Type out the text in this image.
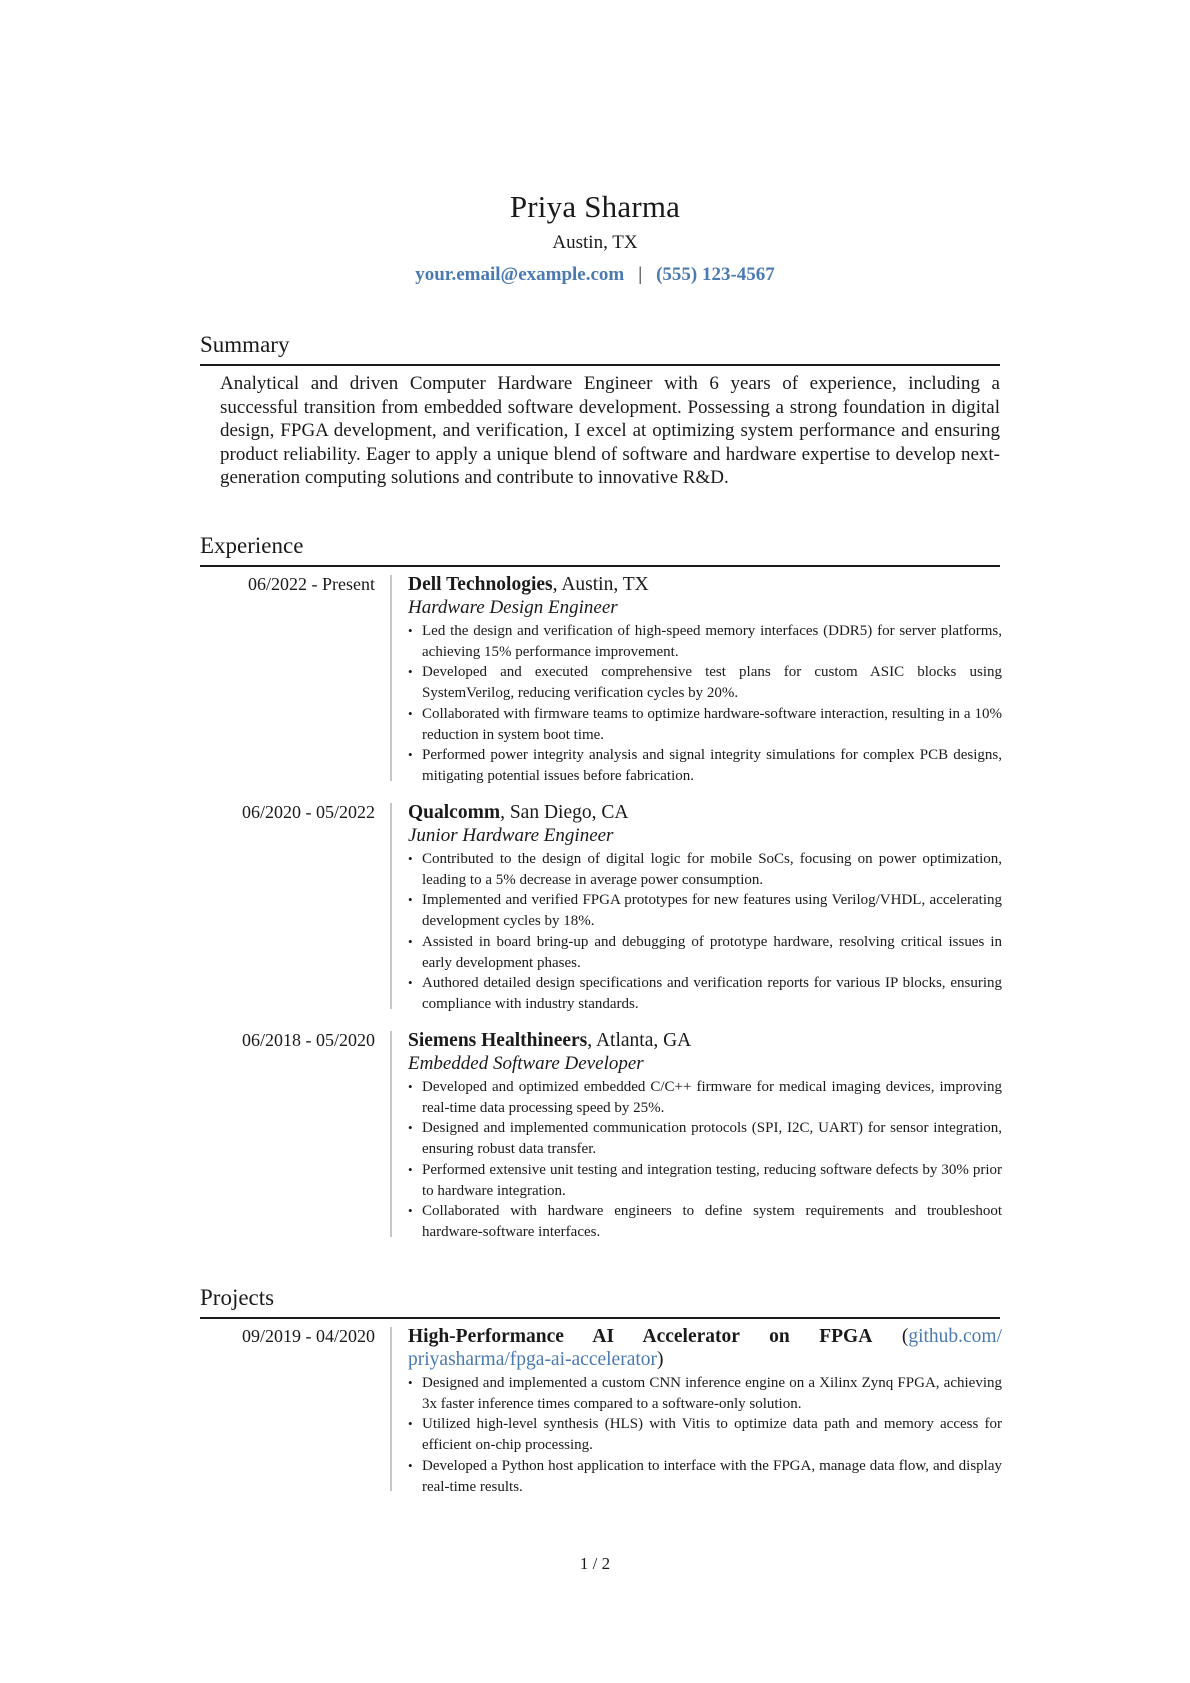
Priya Sharma
Austin, TX
your.email@example.com | (555) 123-4567
Summary
Analytical and driven Computer Hardware Engineer with 6 years of experience, including a successful transition from embedded software development. Possessing a strong foundation in digital design, FPGA development, and verification, I excel at optimizing system performance and ensuring product reliability. Eager to apply a unique blend of software and hardware expertise to develop next-generation computing solutions and contribute to innovative R&D.
Experience
06/2022 - Present Dell Technologies, Austin, TX
Hardware Design Engineer
• Led the design and verification of high-speed memory interfaces (DDR5) for server platforms, achieving 15% performance improvement.
• Developed and executed comprehensive test plans for custom ASIC blocks using SystemVerilog, reducing verification cycles by 20%.
• Collaborated with firmware teams to optimize hardware-software interaction, resulting in a 10% reduction in system boot time.
• Performed power integrity analysis and signal integrity simulations for complex PCB designs, mitigating potential issues before fabrication.
06/2020 - 05/2022 Qualcomm, San Diego, CA
Junior Hardware Engineer
• Contributed to the design of digital logic for mobile SoCs, focusing on power optimization, leading to a 5% decrease in average power consumption.
• Implemented and verified FPGA prototypes for new features using Verilog/VHDL, accelerating development cycles by 18%.
• Assisted in board bring-up and debugging of prototype hardware, resolving critical issues in early development phases.
• Authored detailed design specifications and verification reports for various IP blocks, ensuring compliance with industry standards.
06/2018 - 05/2020 Siemens Healthineers, Atlanta, GA
Embedded Software Developer
• Developed and optimized embedded C/C++ firmware for medical imaging devices, improving real-time data processing speed by 25%.
• Designed and implemented communication protocols (SPI, I2C, UART) for sensor integration, ensuring robust data transfer.
• Performed extensive unit testing and integration testing, reducing software defects by 30% prior to hardware integration.
• Collaborated with hardware engineers to define system requirements and troubleshoot hardware-software interfaces.
Projects
09/2019 - 04/2020 High-Performance AI Accelerator on FPGA (github.com/ priyasharma/fpga-ai-accelerator)
• Designed and implemented a custom CNN inference engine on a Xilinx Zynq FPGA, achieving 3x faster inference times compared to a software-only solution.
• Utilized high-level synthesis (HLS) with Vitis to optimize data path and memory access for efficient on-chip processing.
• Developed a Python host application to interface with the FPGA, manage data flow, and display real-time results.
1 / 2
